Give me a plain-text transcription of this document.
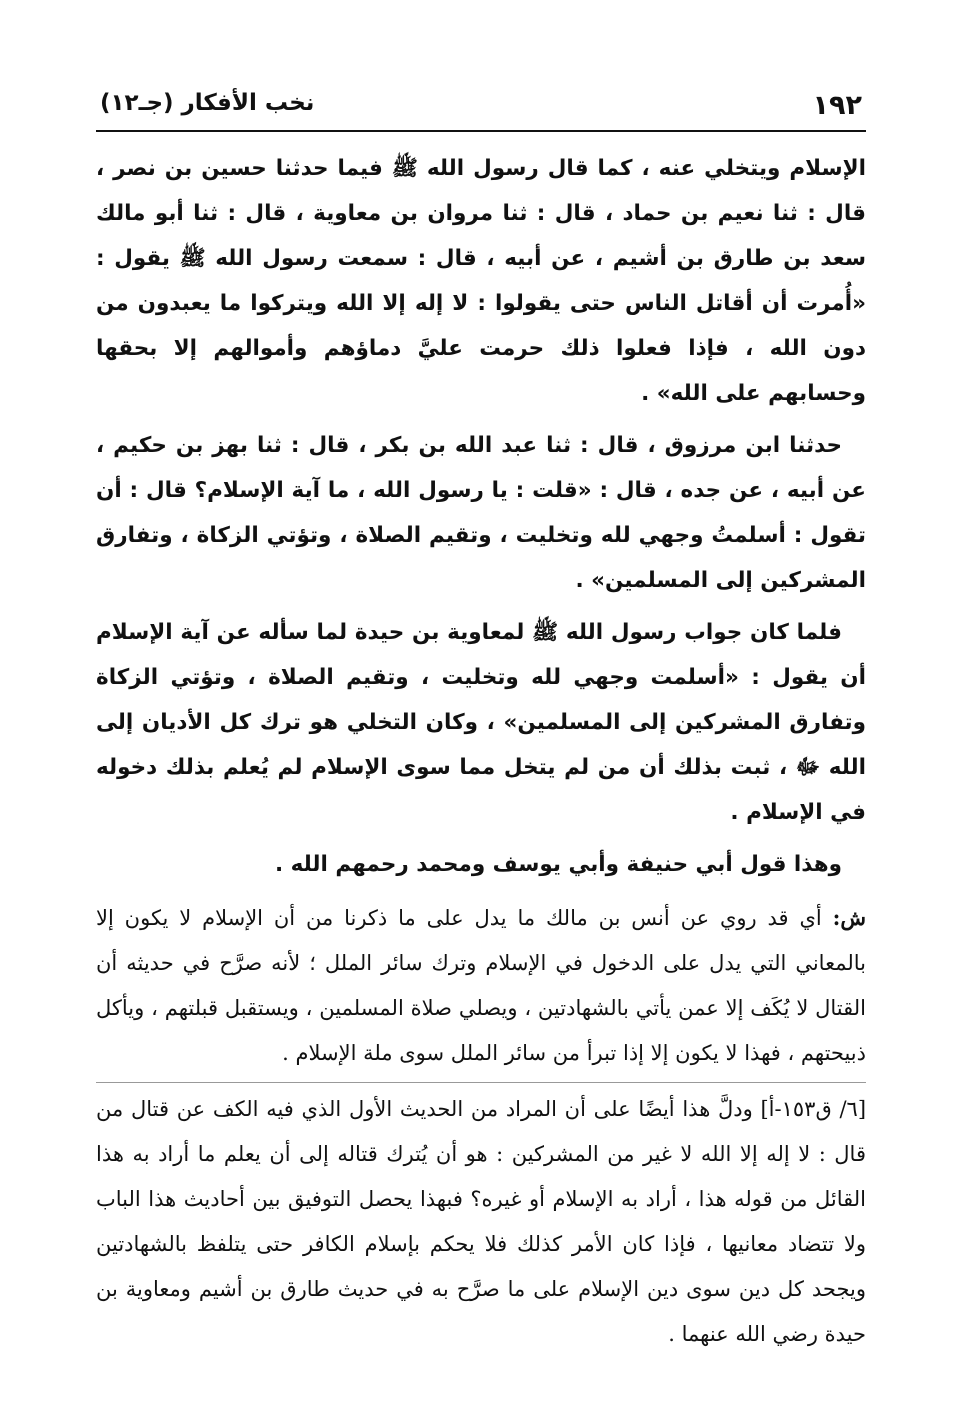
١٩٢
نخب الأفكار (جـ١٢)

الإسلام ويتخلي عنه ، كما قال رسول الله ﷺ فيما حدثنا حسين بن نصر ، قال : ثنا نعيم بن حماد ، قال : ثنا مروان بن معاوية ، قال : ثنا أبو مالك سعد بن طارق بن أشيم ، عن أبيه ، قال : سمعت رسول الله ﷺ يقول : «أُمرت أن أقاتل الناس حتى يقولوا : لا إله إلا الله ويتركوا ما يعبدون من دون الله ، فإذا فعلوا ذلك حرمت عليَّ دماؤهم وأموالهم إلا بحقها وحسابهم على الله» .

حدثنا ابن مرزوق ، قال : ثنا عبد الله بن بكر ، قال : ثنا بهز بن حكيم ، عن أبيه ، عن جده ، قال : «قلت : يا رسول الله ، ما آية الإسلام؟ قال : أن تقول : أسلمتُ وجهي لله وتخليت ، وتقيم الصلاة ، وتؤتي الزكاة ، وتفارق المشركين إلى المسلمين» .

فلما كان جواب رسول الله ﷺ لمعاوية بن حيدة لما سأله عن آية الإسلام أن يقول : «أسلمت وجهي لله وتخليت ، وتقيم الصلاة ، وتؤتي الزكاة وتفارق المشركين إلى المسلمين» ، وكان التخلي هو ترك كل الأديان إلى الله ﷻ ، ثبت بذلك أن من لم يتخل مما سوى الإسلام لم يُعلم بذلك دخوله في الإسلام .

وهذا قول أبي حنيفة وأبي يوسف ومحمد رحمهم الله .

ش: أي قد روي عن أنس بن مالك ما يدل على ما ذكرنا من أن الإسلام لا يكون إلا بالمعاني التي يدل على الدخول في الإسلام وترك سائر الملل ؛ لأنه صرَّح في حديثه أن القتال لا يُكَف إلا عمن يأتي بالشهادتين ، ويصلي صلاة المسلمين ، ويستقبل قبلتهم ، ويأكل ذبيحتهم ، فهذا لا يكون إلا إذا تبرأ من سائر الملل سوى ملة الإسلام .

[٦/ ق١٥٣-أ] ودلَّ هذا أيضًا على أن المراد من الحديث الأول الذي فيه الكف عن قتال من قال : لا إله إلا الله لا غير من المشركين : هو أن يُترك قتاله إلى أن يعلم ما أراد به هذا القائل من قوله هذا ، أراد به الإسلام أو غيره؟ فبهذا يحصل التوفيق بين أحاديث هذا الباب ولا تتضاد معانيها ، فإذا كان الأمر كذلك فلا يحكم بإسلام الكافر حتى يتلفظ بالشهادتين ويجحد كل دين سوى دين الإسلام على ما صرَّح به في حديث طارق بن أشيم ومعاوية بن حيدة رضي الله عنهما .
